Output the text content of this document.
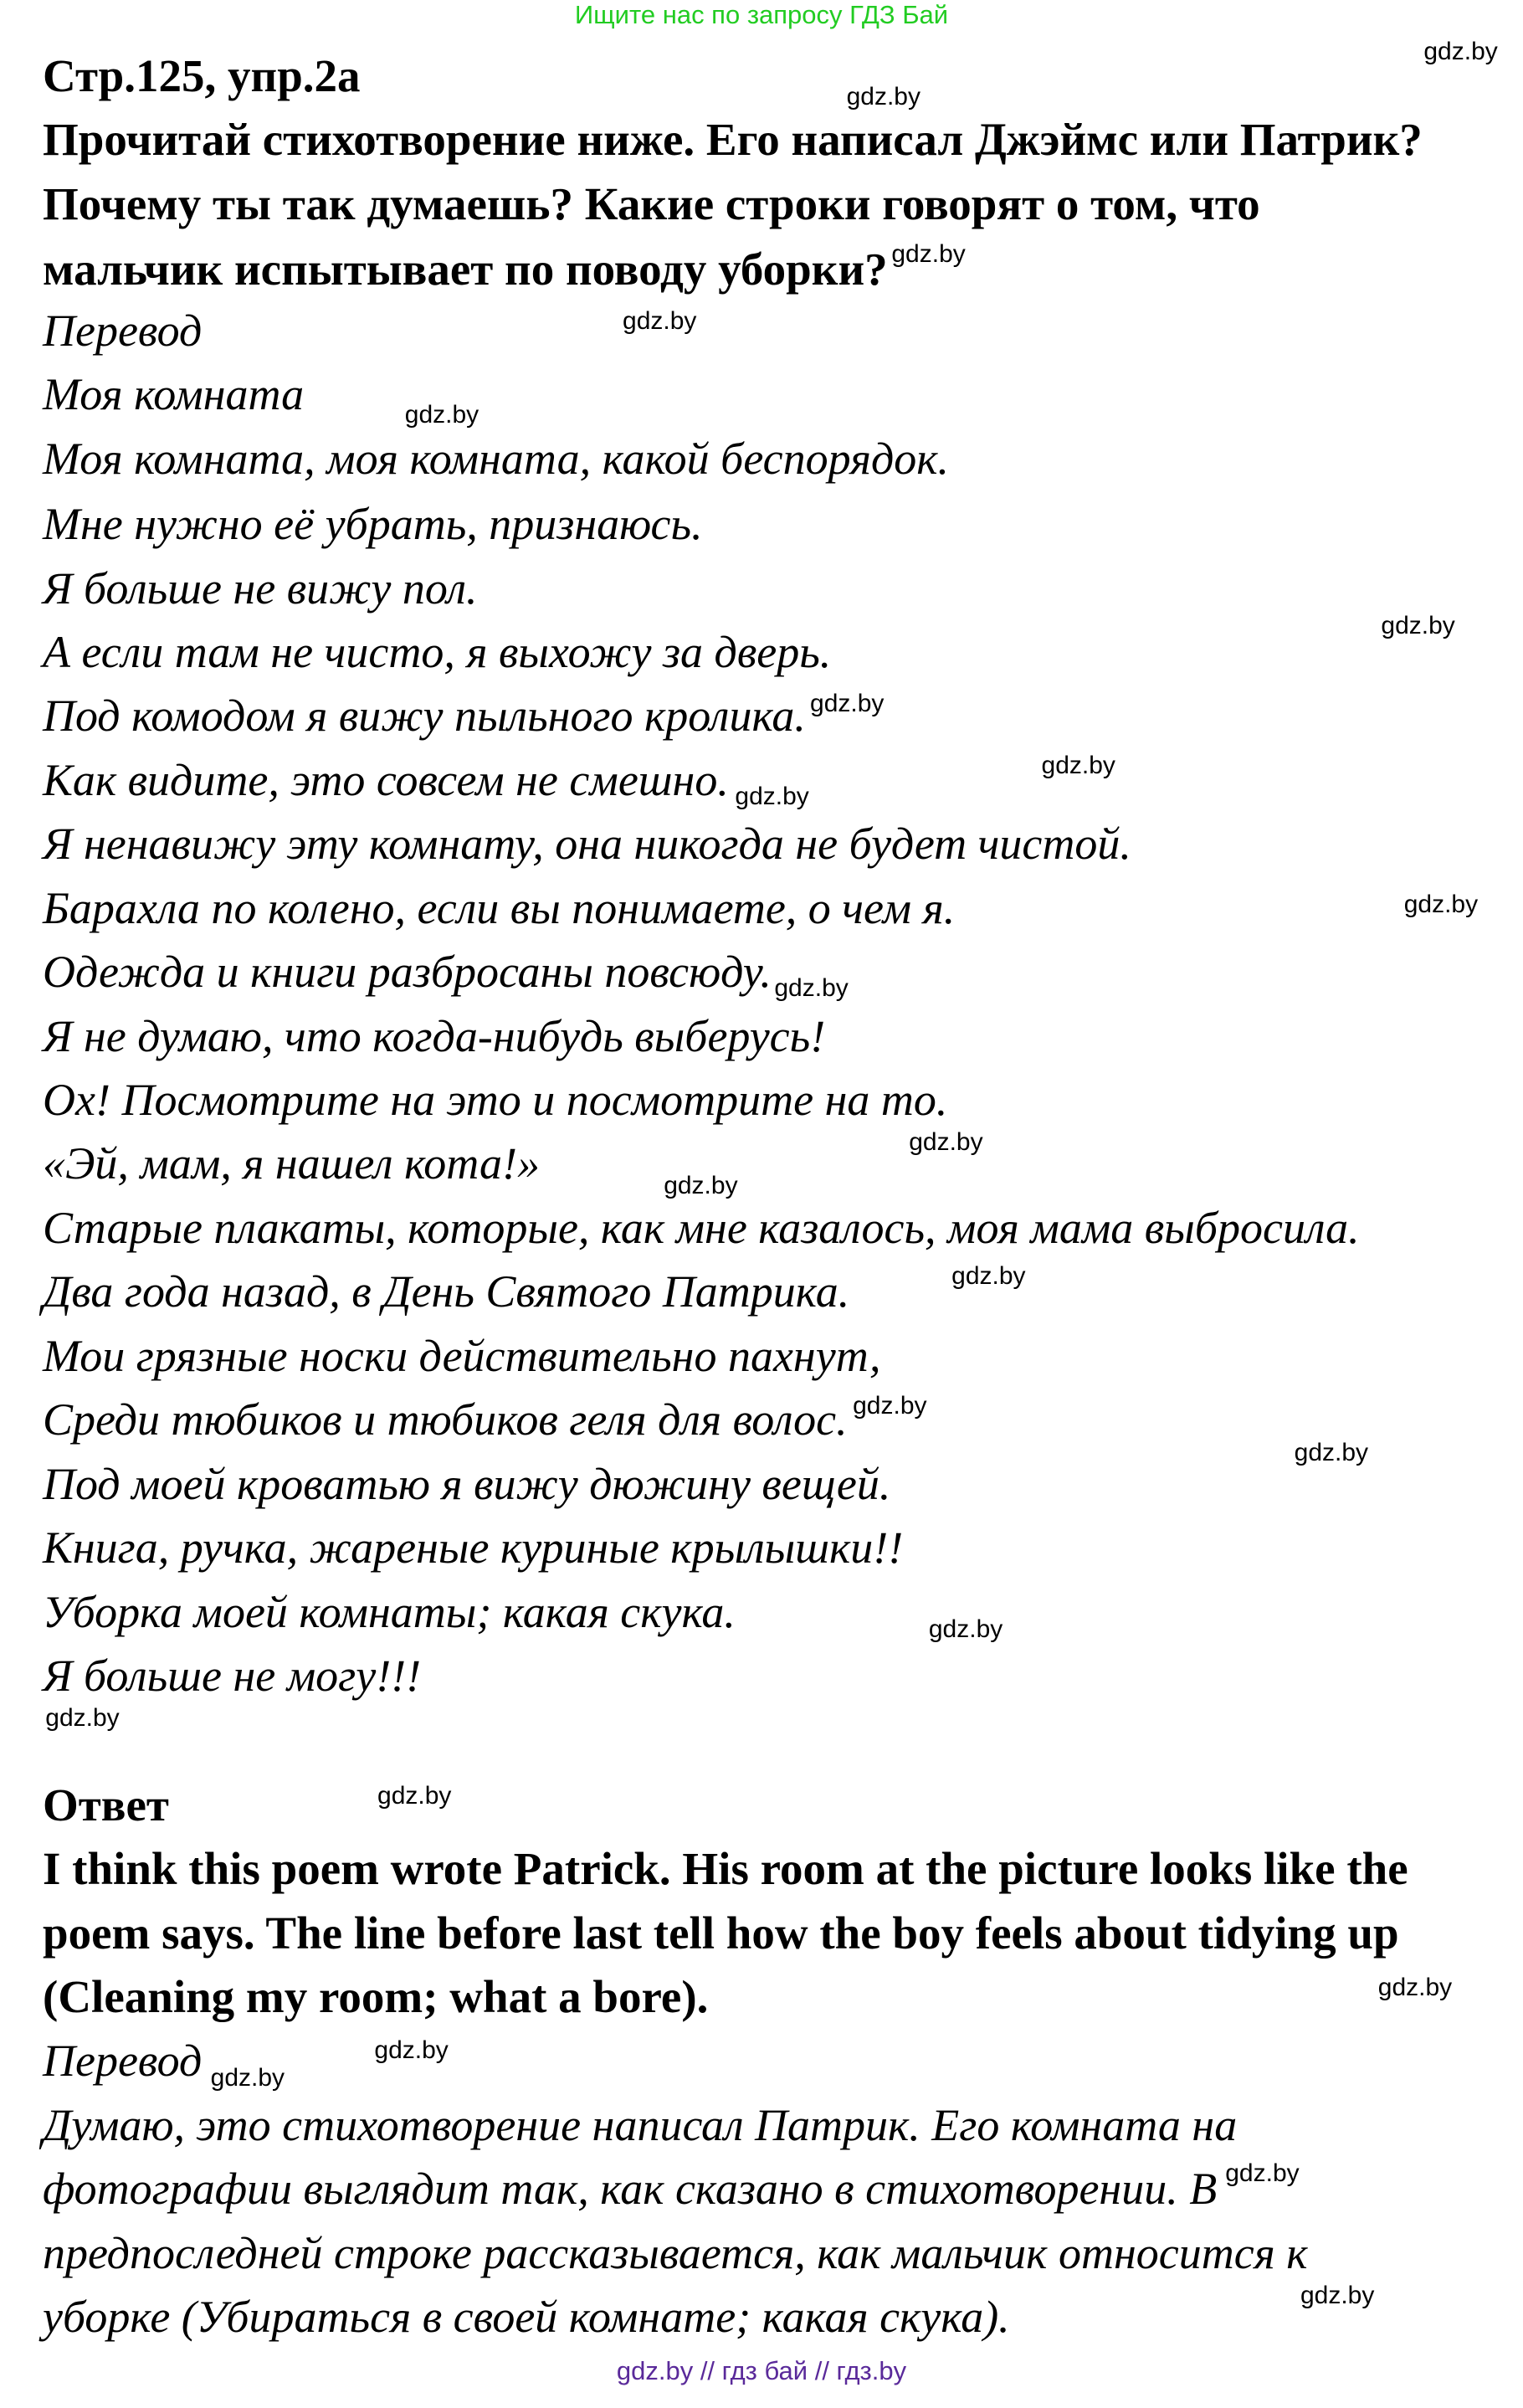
Ищите нас по запросу ГДЗ Бай
Стр.125, упр.2а
Прочитай стихотворение ниже. Его написал Джэймс или Патрик?
Почему ты так думаешь? Какие строки говорят о том, что
мальчик испытывает по поводу уборки?
Перевод
Моя комната
Моя комната, моя комната, какой беспорядок.
Мне нужно её убрать, признаюсь.
Я больше не вижу пол.
А если там не чисто, я выхожу за дверь.
Под комодом я вижу пыльного кролика.
Как видите, это совсем не смешно.
Я ненавижу эту комнату, она никогда не будет чистой.
Барахла по колено, если вы понимаете, о чем я.
Одежда и книги разбросаны повсюду.
Я не думаю, что когда-нибудь выберусь!
Ох! Посмотрите на это и посмотрите на то.
«Эй, мам, я нашел кота!»
Старые плакаты, которые, как мне казалось, моя мама выбросила.
Два года назад, в День Святого Патрика.
Мои грязные носки действительно пахнут,
Среди тюбиков и тюбиков геля для волос.
Под моей кроватью я вижу дюжину вещей.
Книга, ручка, жареные куриные крылышки!!
Уборка моей комнаты; какая скука.
Я больше не могу!!!
Ответ
I think this poem wrote Patrick. His room at the picture looks like the
poem says. The line before last tell how the boy feels about tidying up
(Cleaning my room; what a bore).
Перевод
Думаю, это стихотворение написал Патрик. Его комната на
фотографии выглядит так, как сказано в стихотворении. В
предпоследней строке рассказывается, как мальчик относится к
уборке (Убираться в своей комнате; какая скука).
gdz.by
gdz.by
gdz.by
gdz.by
gdz.by
gdz.by
gdz.by
gdz.by
gdz.by
gdz.by
gdz.by
gdz.by
gdz.by
gdz.by
gdz.by
gdz.by
gdz.by
gdz.by
gdz.by
gdz.by
gdz.by
gdz.by
gdz.by
gdz.by
gdz.by // гдз бай // гдз.by
